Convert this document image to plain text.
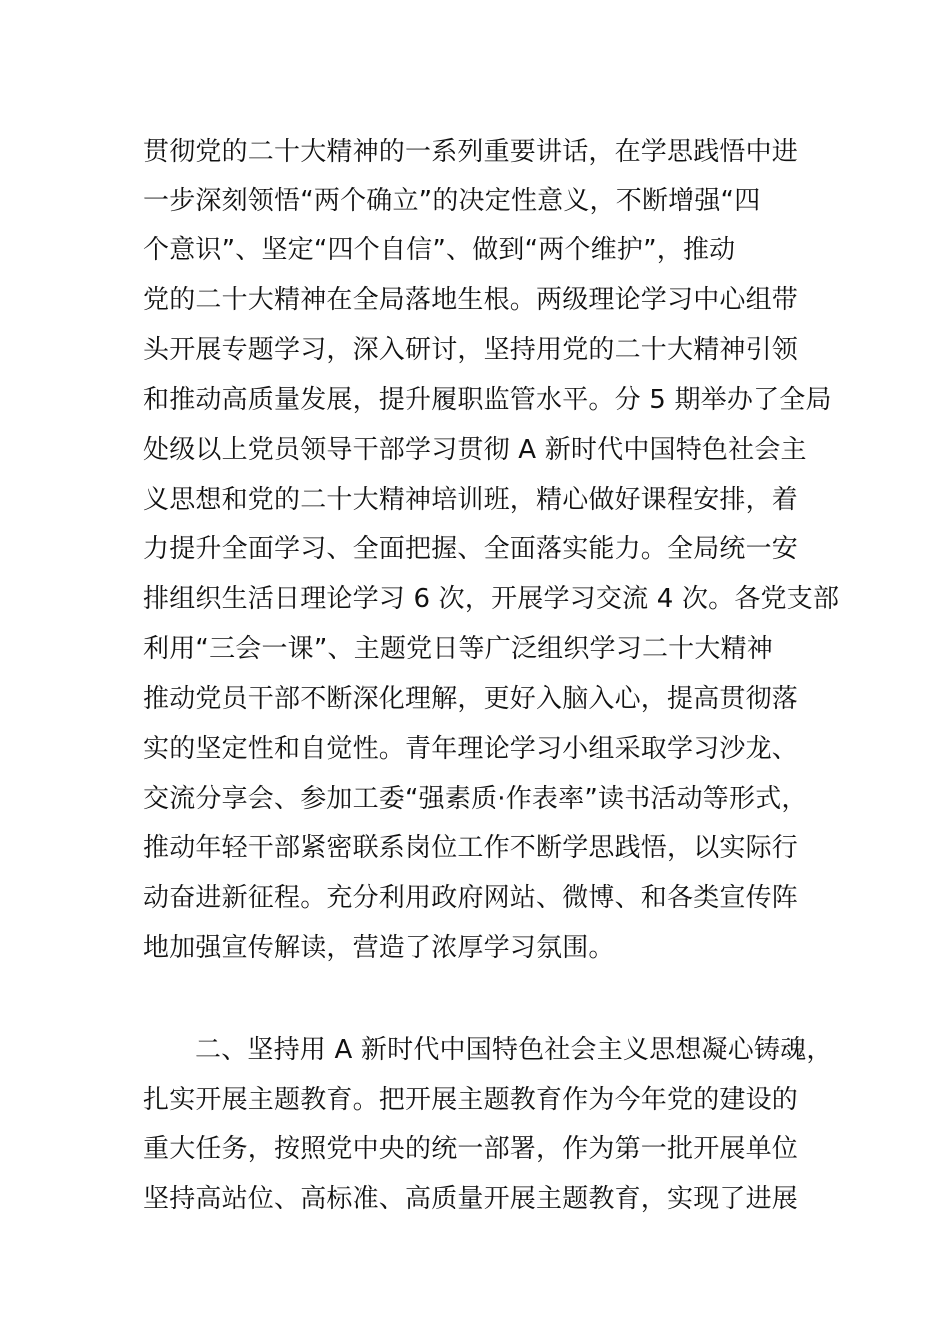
贯彻党的二十大精神的一系列重要讲话，在学思践悟中进
一步深刻领悟“两个确立”的决定性意义，不断增强“四
个意识”、坚定“四个自信”、做到“两个维护”，推动
党的二十大精神在全局落地生根。两级理论学习中心组带
头开展专题学习，深入研讨，坚持用党的二十大精神引领
和推动高质量发展，提升履职监管水平。分 5 期举办了全局
处级以上党员领导干部学习贯彻 A 新时代中国特色社会主
义思想和党的二十大精神培训班，精心做好课程安排，着
力提升全面学习、全面把握、全面落实能力。全局统一安
排组织生活日理论学习 6 次，开展学习交流 4 次。各党支部
利用“三会一课”、主题党日等广泛组织学习二十大精神
推动党员干部不断深化理解，更好入脑入心，提高贯彻落
实的坚定性和自觉性。青年理论学习小组采取学习沙龙、
交流分享会、参加工委“强素质·作表率”读书活动等形式，
推动年轻干部紧密联系岗位工作不断学思践悟，以实际行
动奋进新征程。充分利用政府网站、微博、和各类宣传阵
地加强宣传解读，营造了浓厚学习氛围。
二、坚持用 A 新时代中国特色社会主义思想凝心铸魂，
扎实开展主题教育。把开展主题教育作为今年党的建设的
重大任务，按照党中央的统一部署，作为第一批开展单位
坚持高站位、高标准、高质量开展主题教育，实现了进展
